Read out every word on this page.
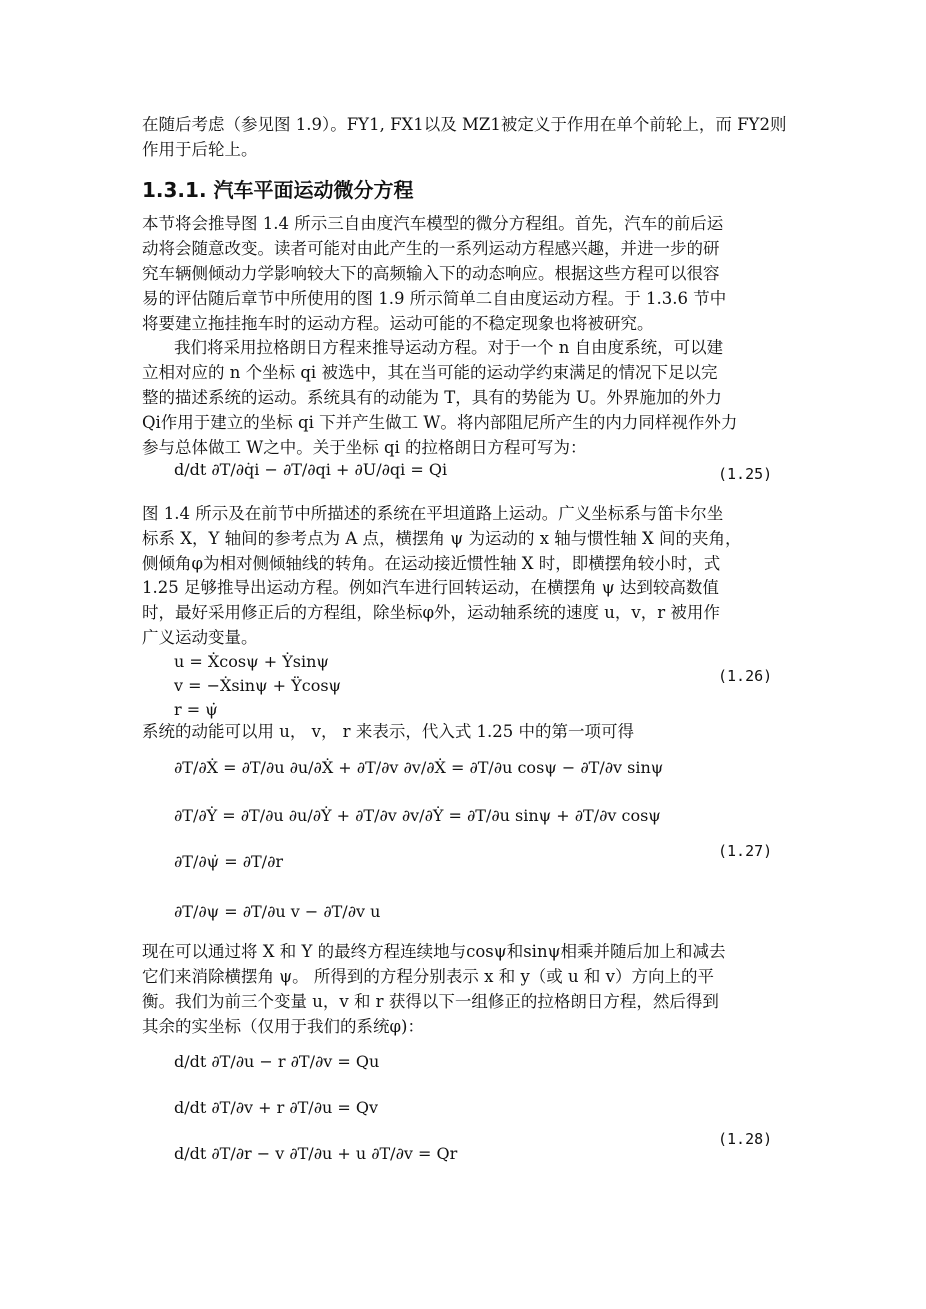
在随后考虑（参见图 1.9）。FY1, FX1以及 MZ1被定义于作用在单个前轮上，而 FY2则
作用于后轮上。
1.3.1. 汽车平面运动微分方程
本节将会推导图 1.4 所示三自由度汽车模型的微分方程组。首先，汽车的前后运
动将会随意改变。读者可能对由此产生的一系列运动方程感兴趣，并进一步的研
究车辆侧倾动力学影响较大下的高频输入下的动态响应。根据这些方程可以很容
易的评估随后章节中所使用的图 1.9 所示简单二自由度运动方程。于 1.3.6 节中
将要建立拖挂拖车时的运动方程。运动可能的不稳定现象也将被研究。
我们将采用拉格朗日方程来推导运动方程。对于一个 n 自由度系统，可以建
立相对应的 n 个坐标 qi 被选中，其在当可能的运动学约束满足的情况下足以完
整的描述系统的运动。系统具有的动能为 T，具有的势能为 U。外界施加的外力
Qi作用于建立的坐标 qi 下并产生做工 W。将内部阻尼所产生的内力同样视作外力
参与总体做工 W之中。关于坐标 qi 的拉格朗日方程可写为：
d/dt ∂T/∂q̇i − ∂T/∂qi + ∂U/∂qi = Qi	(1.25)
图 1.4 所示及在前节中所描述的系统在平坦道路上运动。广义坐标系与笛卡尔坐
标系 X，Y 轴间的参考点为 A 点，横摆角 ψ 为运动的 x 轴与惯性轴 X 间的夹角，
侧倾角φ为相对侧倾轴线的转角。在运动接近惯性轴 X 时，即横摆角较小时，式
1.25 足够推导出运动方程。例如汽车进行回转运动，在横摆角 ψ 达到较高数值
时，最好采用修正后的方程组，除坐标φ外，运动轴系统的速度 u，v，r 被用作
广义运动变量。
u = Ẋcosψ + Ẏsinψ
v = −Ẋsinψ + Ÿcosψ
r = ψ̇
(1.26)
系统的动能可以用 u， v， r 来表示，代入式 1.25 中的第一项可得
∂T/∂Ẋ = ∂T/∂u ∂u/∂Ẋ + ∂T/∂v ∂v/∂Ẋ = ∂T/∂u cosψ − ∂T/∂v sinψ
∂T/∂Ẏ = ∂T/∂u ∂u/∂Ẏ + ∂T/∂v ∂v/∂Ẏ = ∂T/∂u sinψ + ∂T/∂v cosψ
∂T/∂ψ̇ = ∂T/∂r
∂T/∂ψ = ∂T/∂u v − ∂T/∂v u
(1.27)
现在可以通过将 X 和 Y 的最终方程连续地与cosψ和sinψ相乘并随后加上和减去
它们来消除横摆角 ψ。 所得到的方程分别表示 x 和 y（或 u 和 v）方向上的平
衡。我们为前三个变量 u，v 和 r 获得以下一组修正的拉格朗日方程，然后得到
其余的实坐标（仅用于我们的系统φ)：
d/dt ∂T/∂u − r ∂T/∂v = Qu
d/dt ∂T/∂v + r ∂T/∂u = Qv
d/dt ∂T/∂r − v ∂T/∂u + u ∂T/∂v = Qr
(1.28)
